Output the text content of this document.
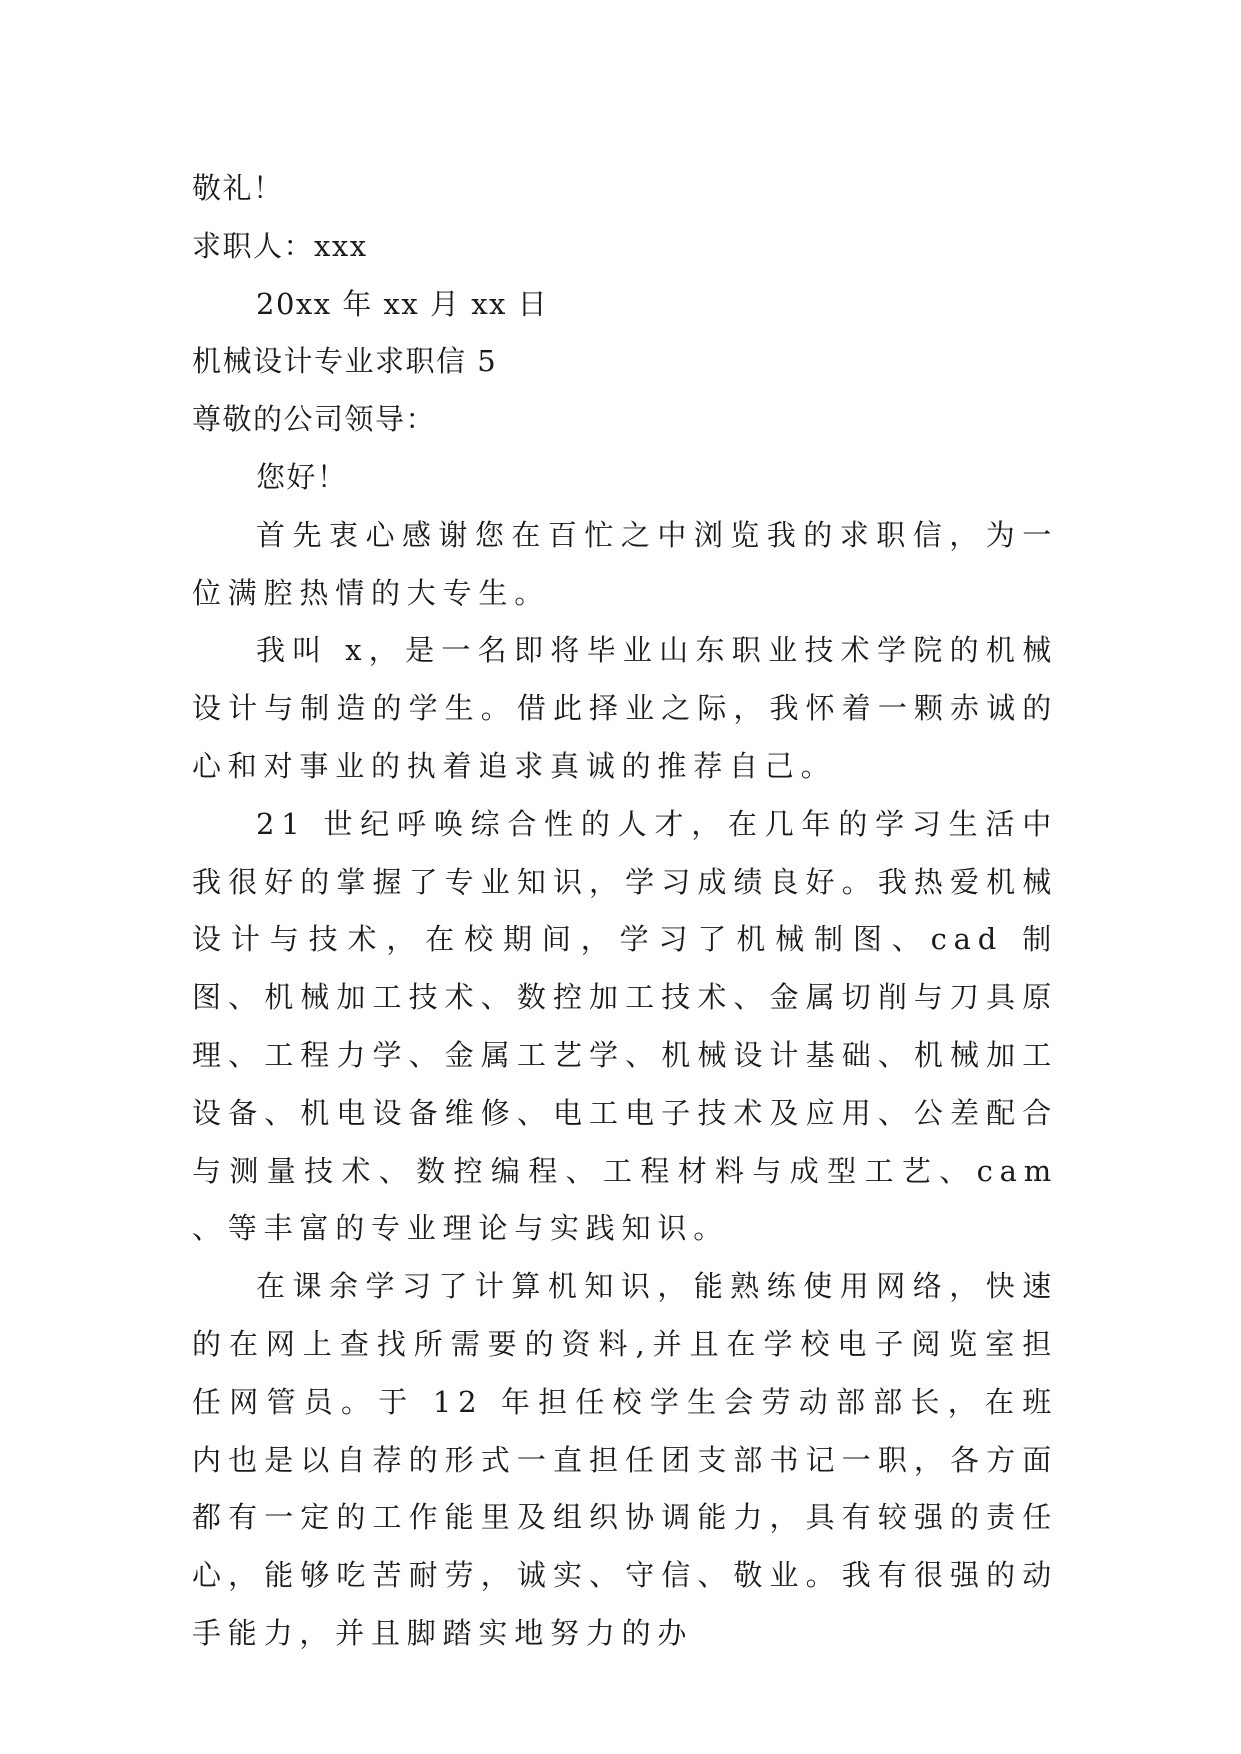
敬礼！
求职人：xxx
20xx 年 xx 月 xx 日
机械设计专业求职信 5
尊敬的公司领导：
您好！

首先衷心感谢您在百忙之中浏览我的求职信，为一位满腔热情的大专生。

我叫 x，是一名即将毕业山东职业技术学院的机械设计与制造的学生。借此择业之际，我怀着一颗赤诚的心和对事业的执着追求真诚的推荐自己。

21 世纪呼唤综合性的人才，在几年的学习生活中我很好的掌握了专业知识，学习成绩良好。我热爱机械设计与技术，在校期间，学习了机械制图、cad 制图、机械加工技术、数控加工技术、金属切削与刀具原理、工程力学、金属工艺学、机械设计基础、机械加工设备、机电设备维修、电工电子技术及应用、公差配合与测量技术、数控编程、工程材料与成型工艺、cam 、等丰富的专业理论与实践知识。

在课余学习了计算机知识，能熟练使用网络，快速的在网上查找所需要的资料,并且在学校电子阅览室担任网管员。于 12 年担任校学生会劳动部部长，在班内也是以自荐的形式一直担任团支部书记一职，各方面都有一定的工作能里及组织协调能力，具有较强的责任心，能够吃苦耐劳，诚实、守信、敬业。我有很强的动手能力，并且脚踏实地努力的办
